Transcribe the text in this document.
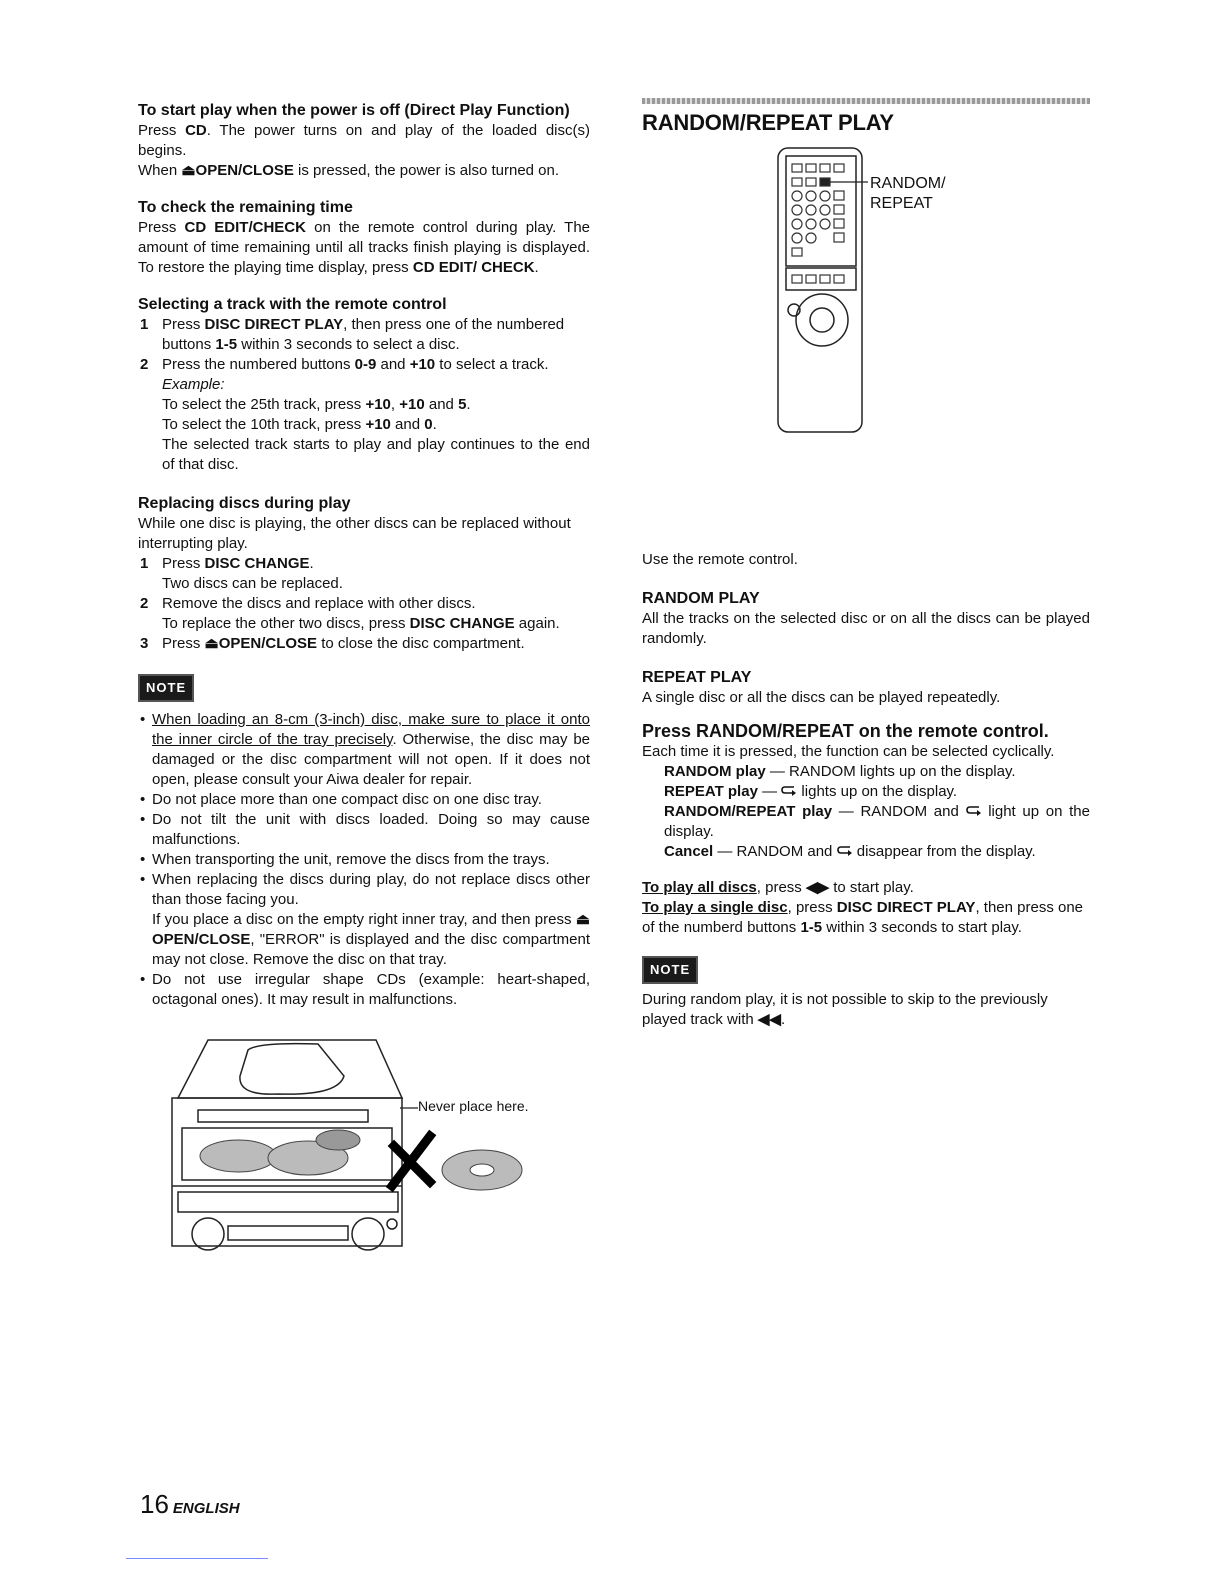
To start play when the power is off (Direct Play Function)

Press CD. The power turns on and play of the loaded disc(s) begins.

When ⏏OPEN/CLOSE is pressed, the power is also turned on.

To check the remaining time

Press CD EDIT/CHECK on the remote control during play. The amount of time remaining until all tracks finish playing is displayed. To restore the playing time display, press CD EDIT/ CHECK.

Selecting a track with the remote control
1 Press DISC DIRECT PLAY, then press one of the numbered buttons 1-5 within 3 seconds to select a disc.
2 Press the numbered buttons 0-9 and +10 to select a track.
Example:
To select the 25th track, press +10, +10 and 5.
To select the 10th track, press +10 and 0.
The selected track starts to play and play continues to the end of that disc.
Replacing discs during play

While one disc is playing, the other discs can be replaced without interrupting play.

1 Press DISC CHANGE.
Two discs can be replaced.
2 Remove the discs and replace with other discs.
To replace the other two discs, press DISC CHANGE again.
3 Press ⏏OPEN/CLOSE to close the disc compartment.
NOTE
• When loading an 8-cm (3-inch) disc, make sure to place it onto the inner circle of the tray precisely. Otherwise, the disc may be damaged or the disc compartment will not open. If it does not open, please consult your Aiwa dealer for repair.
• Do not place more than one compact disc on one disc tray.
• Do not tilt the unit with discs loaded. Doing so may cause malfunctions.
• When transporting the unit, remove the discs from the trays.
• When replacing the discs during play, do not replace discs other than those facing you.
If you place a disc on the empty right inner tray, and then press ⏏ OPEN/CLOSE, "ERROR" is displayed and the disc compartment may not close. Remove the disc on that tray.
• Do not use irregular shape CDs (example: heart-shaped, octagonal ones). It may result in malfunctions.
Never place here.
RANDOM/REPEAT PLAY
RANDOM/
REPEAT

Use the remote control.

RANDOM PLAY

All the tracks on the selected disc or on all the discs can be played randomly.

REPEAT PLAY

A single disc or all the discs can be played repeatedly.

Press RANDOM/REPEAT on the remote control.

Each time it is pressed, the function can be selected cyclically.

RANDOM play — RANDOM lights up on the display.
REPEAT play —  lights up on the display.
RANDOM/REPEAT play — RANDOM and  light up on the display.
Cancel — RANDOM and  disappear from the display.

To play all discs, press ◀▶ to start play.

To play a single disc, press DISC DIRECT PLAY, then press one of the numberd buttons 1-5 within 3 seconds to start play.

NOTE

During random play, it is not possible to skip to the previously played track with ◀◀.

16 ENGLISH
